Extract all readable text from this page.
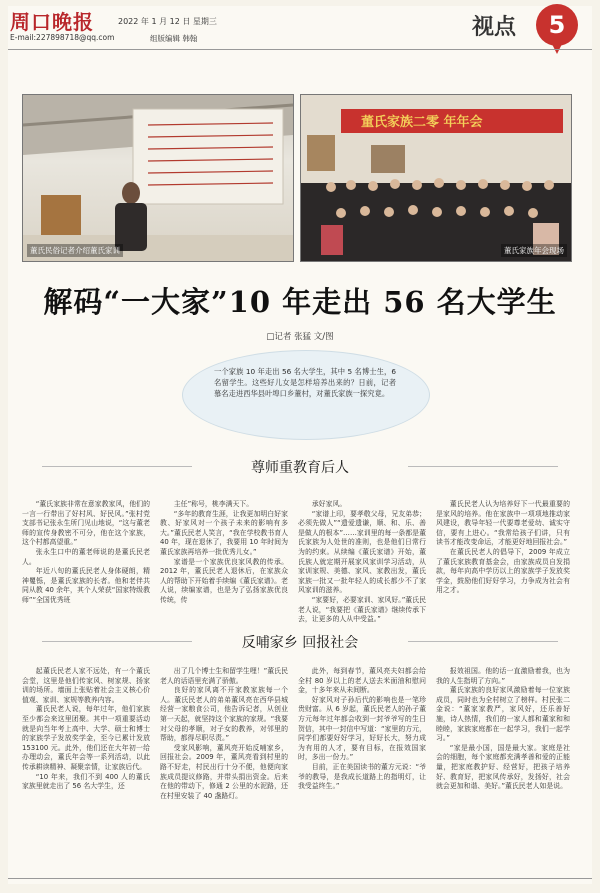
周口晚报	2022 年 1 月 12 日 星期三
E-mail:227898718@qq.com	组版编辑 韩翰	视点 5
董氏民俗记者介绍董氏家训
董氏家族二零 年年会
董氏家族年会现场
解码“一大家”10 年走出 56 名大学生
□记者 张猛 文/图
一个家族 10 年走出 56 名大学生，其中 5 名博士生，6 名留学生。这些好儿女是怎样培养出来的？日前，记者慕名走进西华县叶埠口乡董村，对董氏家族一探究竟。
尊师重教育后人

“董氏家族非常在意家教家风，他们的一言一行带出了好村风、好民风。”张村党支部书记张永生所门见山地说，“这与董老师的宣传身教密不可分，他在这个家族，这个村都高望重。”

张永生口中的董老师说的是董氏民老人。

年近八旬的董氏民老人身体硬朗，精神矍铄，是董氏家族的长者。他和老伴共同从教 40 余年，其个人荣获“国家特级教师”“全国优秀班

主任”称号，桃李满天下。

“多年的教育生涯，让我更加明白好家教、好家风对一个孩子未来的影响有多大。”董氏民老人笑言，“我在学校教书育人 40 年，现在退休了，我要用 10 年时间为董氏家族再培养一批优秀儿女。”

家谱是一个家族优良家风教的传承。2012 年，董氏民老人退休后，在家族众人的帮助下开始着手续编《董氏家谱》。老人说，续编家谱，也是为了弘扬家族优良传统，传

承好家风。

“家谱上印，要孝敬父母，兄友弟恭；必须先做人”“遗爱遗谦，顺、和、乐、善是做人的根本”……家训里的每一条都是董氏家族为人处世的准则，也是他们日常行为的约束。从续编《董氏家谱》开始，董氏族人就定期开展家风家训学习活动，从家训家规、美德、家风、家教出发，董氏家族一批又一批年轻人的成长都少不了家风家训的滋养。

“家要好，必要家训、家风好。”董氏民老人说，“我要把《董氏家谱》继续传承下去，让更多的人从中受益。”

董氏民老人认为培养好下一代最重要的是家风的培养。他在家族中一项项地推动家风建设，教导年轻一代要尊老爱幼、诚实守信，要有上进心。“我常给孩子们讲，只有读书才能改变命运，才能更好地回报社会。”

在董氏民老人的倡导下，2009 年成立了董氏家族教育基金会，由家族成员自发捐款，每年向高中学历以上的家族学子发放奖学金，鼓励他们好好学习，力争成为社会有用之才。

反哺家乡 回报社会

起董氏民老人家不远处，有一个董氏会堂，这里是他们传家风、树家规、扬家训的场所。墙面上张贴着社会主义核心价值观、家训、家规等教养内容。

董氏民老人说，每年过年，他们家族至少都会来这里团聚。其中一项重要活动就是向当年考上高中、大学、硕士和博士的家族学子发放奖学金，至今已累计发放 153100 元。此外，他们还在大年初一给办理动会，董氏年会等一系列活动，以此传承耕读精神、凝聚亲情，让家族后代。

“10 年来，我们不到 400 人的董氏家族里就走出了 56 名大学生，还

出了几个博士生和留学生哩！”董氏民老人的话语里充满了骄傲。

良好的家风离不开家教家族每一个人。董氏民老人的弟弟董风亮在西华县城经营一家粮食公司，他告诉记者，从创业第一天起，就坚持这个家族的家规。“我要对父母的孝顺，对子女的教养，对邻里的帮助，都得尽职尽责。”

受家风影响，董风亮开始反哺家乡，回报社会。2009 年，董风亮看到村里的路不好走，村民出行十分不便，他便向家族成员提议修路，并带头捐出资金。后来在他的带动下，修通 2 公里的水泥路，还在村里安装了 40 盏路灯。

此外，每到春节，董风亮夫妇都会给全村 80 岁以上的老人送去米面油和慰问金，十多年来从未间断。

好家风对子孙后代的影响也是一笔珍贵财富。从 6 岁起，董氏民老人的孙子董方元每年过年都会收到一封爷爷写的生日贺信，其中一封信中写道：“家里的方元，同学们都要好好学习，好好长大，努力成为有用的人才，要有目标，在报效国家时，多出一份力。”

目前，正在美国读书的董方元说：“爷爷的教导，是我成长道路上的指明灯，让我受益终生。”

报效祖国。他的话一直激励着我，也为我的人生指明了方向。”

董氏家族的良好家风激励着每一位家族成员，同时也为全村树立了榜样。村民张二金说：“董家家教严，家风好，还乐善好施，诗人热情，我们的一家人都和董家和和睦睦，家族家庭都在一起学习，我们一起学习。”

“家是最小国，国是最大家。家庭是社会的细胞，每个家庭都充满孝善和爱的正能量，把家庭教护好、经营好，把孩子培养好、教育好，把家风传承好，发扬好，社会就会更加和谐、美好。”董氏民老人如是说。
